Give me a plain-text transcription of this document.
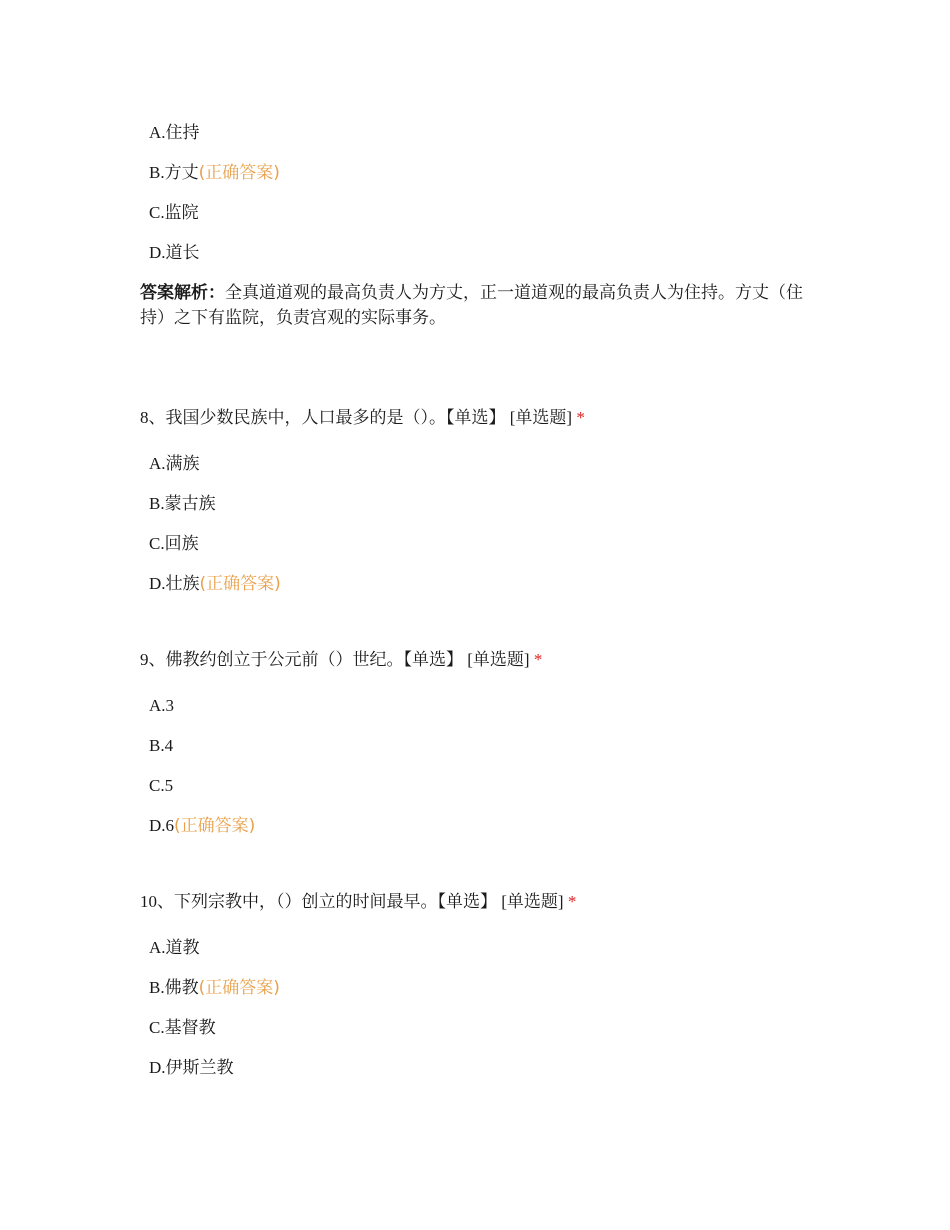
A.住持
B.方丈(正确答案)
C.监院
D.道长
答案解析：全真道道观的最高负责人为方丈，正一道道观的最高负责人为住持。方丈（住持）之下有监院，负责宫观的实际事务。
8、我国少数民族中，人口最多的是（）。【单选】 [单选题] *
A.满族
B.蒙古族
C.回族
D.壮族(正确答案)
9、佛教约创立于公元前（）世纪。【单选】 [单选题] *
A.3
B.4
C.5
D.6(正确答案)
10、下列宗教中，（）创立的时间最早。【单选】 [单选题] *
A.道教
B.佛教(正确答案)
C.基督教
D.伊斯兰教
